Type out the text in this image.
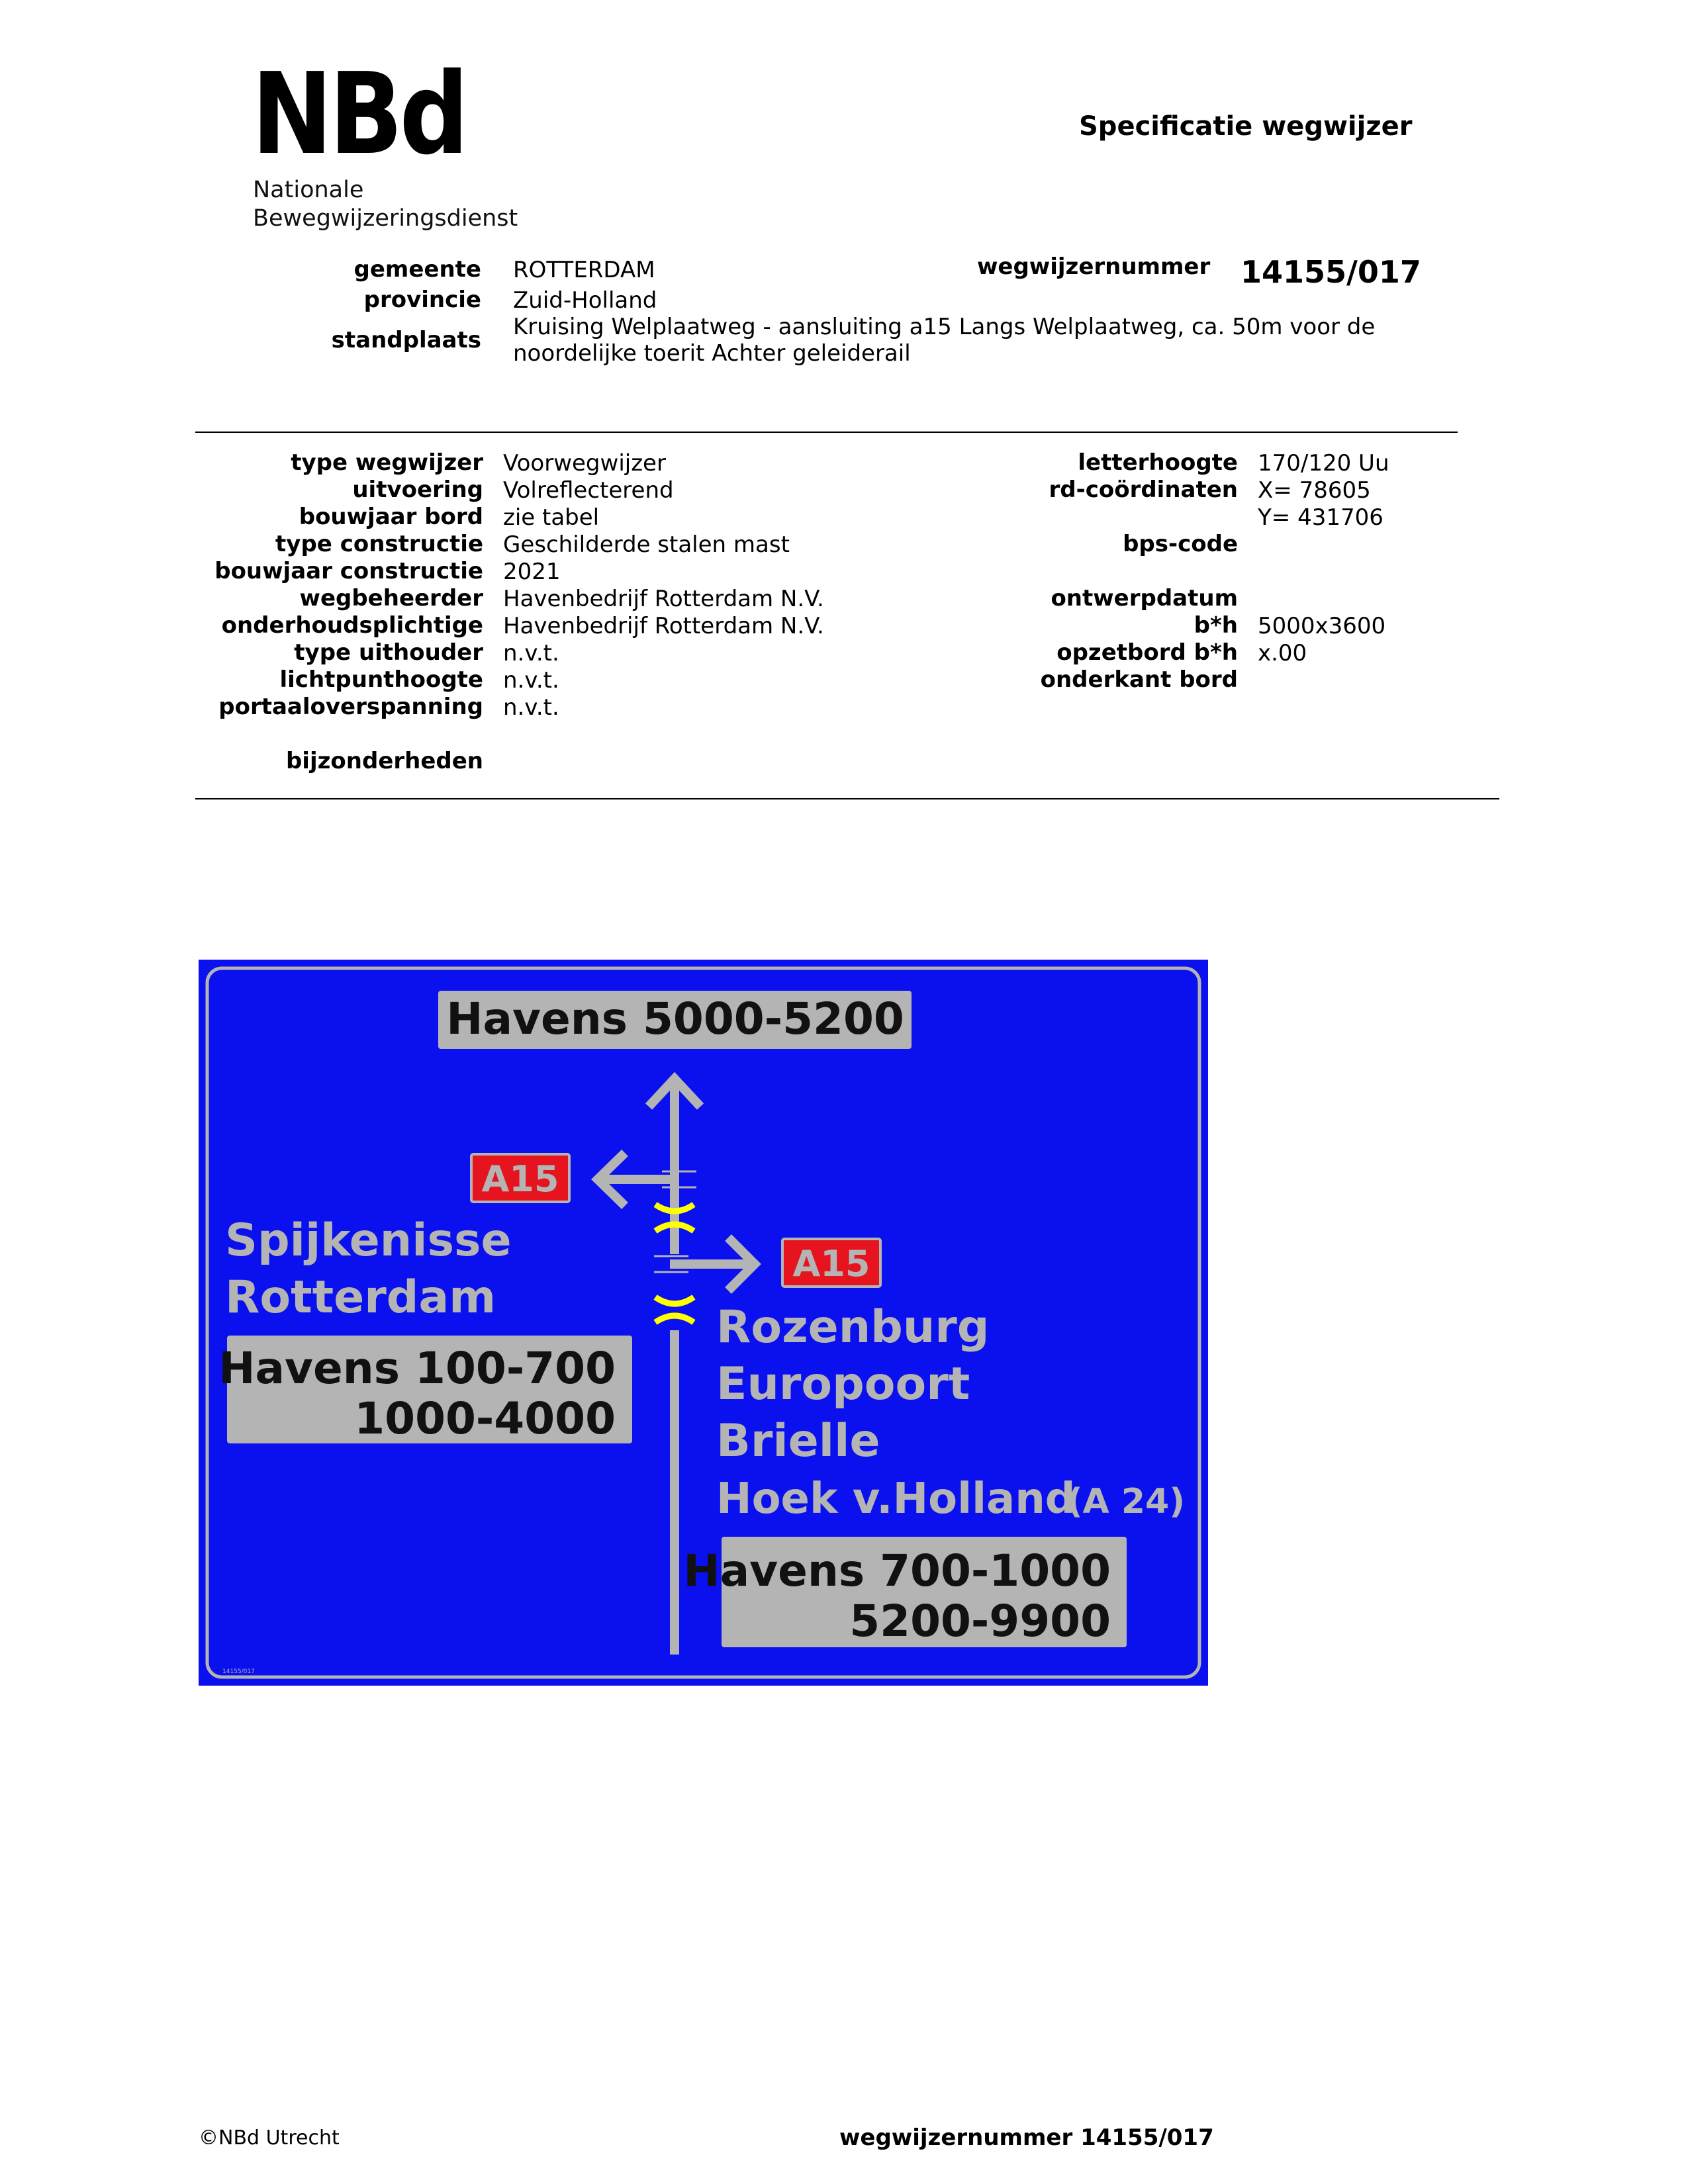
NBd
Nationale
Bewegwijzeringsdienst
Specificatie wegwijzer
gemeente ROTTERDAM
provincie Zuid-Holland
standplaats Kruising Welplaatweg - aansluiting a15 Langs Welplaatweg, ca. 50m voor de
noordelijke toerit Achter geleiderail
wegwijzernummer 14155/017
type wegwijzer Voorwegwijzer
uitvoering Volreflecterend
bouwjaar bord zie tabel
type constructie Geschilderde stalen mast
bouwjaar constructie 2021
wegbeheerder Havenbedrijf Rotterdam N.V.
onderhoudsplichtige Havenbedrijf Rotterdam N.V.
type uithouder n.v.t.
lichtpunthoogte n.v.t.
portaaloverspanning n.v.t.
bijzonderheden
letterhoogte 170/120 Uu
rd-coördinaten X= 78605
Y= 431706
bps-code
ontwerpdatum
b*h 5000x3600
opzetbord b*h x.00
onderkant bord
Havens 5000-5200
A15
A15
Spijkenisse
Rotterdam
Havens 100-700
1000-4000
Rozenburg
Europoort
Brielle
Hoek v.Holland
(A 24)
Havens 700-1000
5200-9900
14155/017
©NBd Utrecht	wegwijzernummer 14155/017
